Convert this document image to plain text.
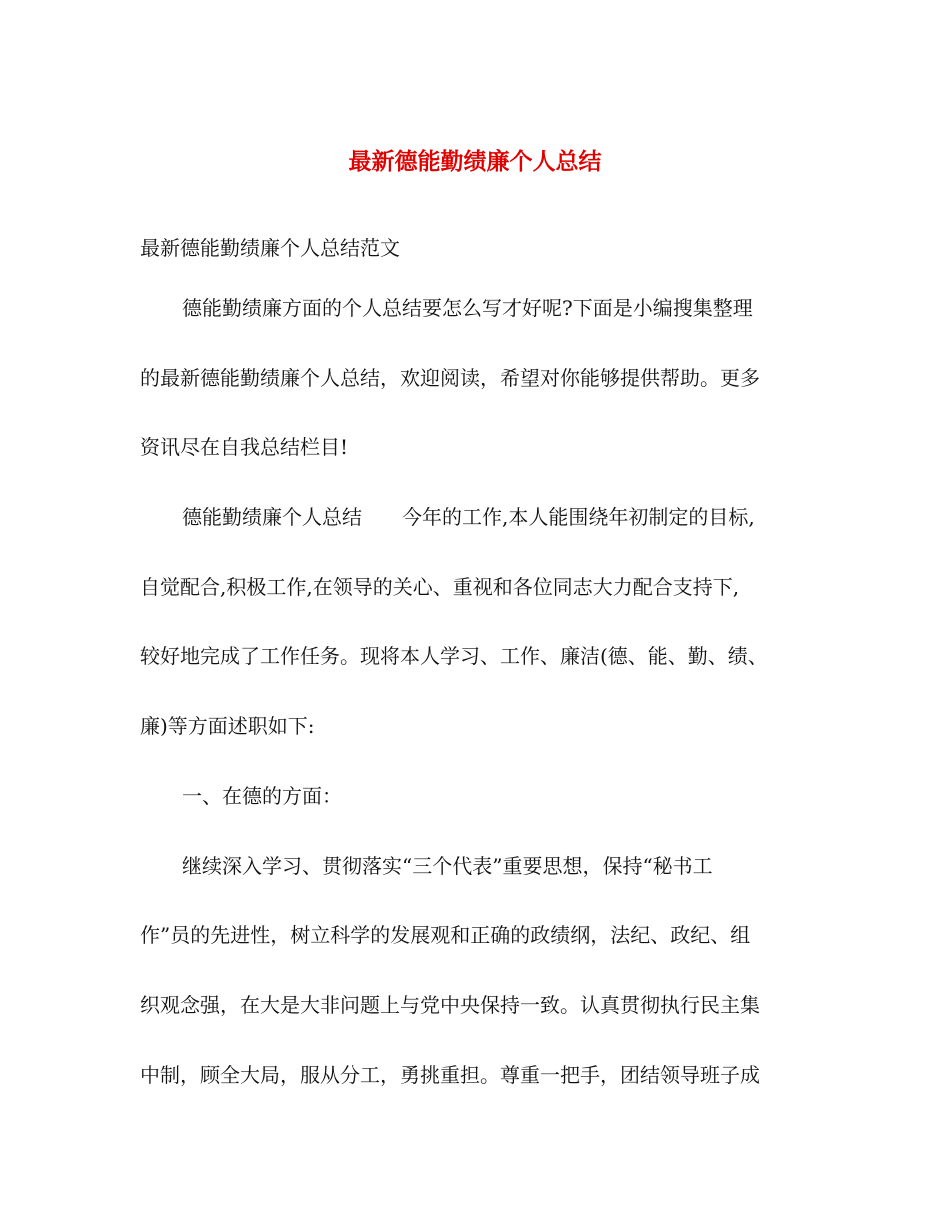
最新德能勤绩廉个人总结

最新德能勤绩廉个人总结范文

德能勤绩廉方面的个人总结要怎么写才好呢?下面是小编搜集整理
的最新德能勤绩廉个人总结，欢迎阅读，希望对你能够提供帮助。更多
资讯尽在自我总结栏目!
德能勤绩廉个人总结 今年的工作,本人能围绕年初制定的目标,
自觉配合,积极工作,在领导的关心、重视和各位同志大力配合支持下,
较好地完成了工作任务。现将本人学习、工作、廉洁(德、能、勤、绩、
廉)等方面述职如下:
一、在德的方面：
继续深入学习、贯彻落实“三个代表”重要思想，保持“秘书工
作”员的先进性，树立科学的发展观和正确的政绩纲，法纪、政纪、组
织观念强，在大是大非问题上与党中央保持一致。认真贯彻执行民主集
中制，顾全大局，服从分工，勇挑重担。尊重一把手，团结领导班子成
